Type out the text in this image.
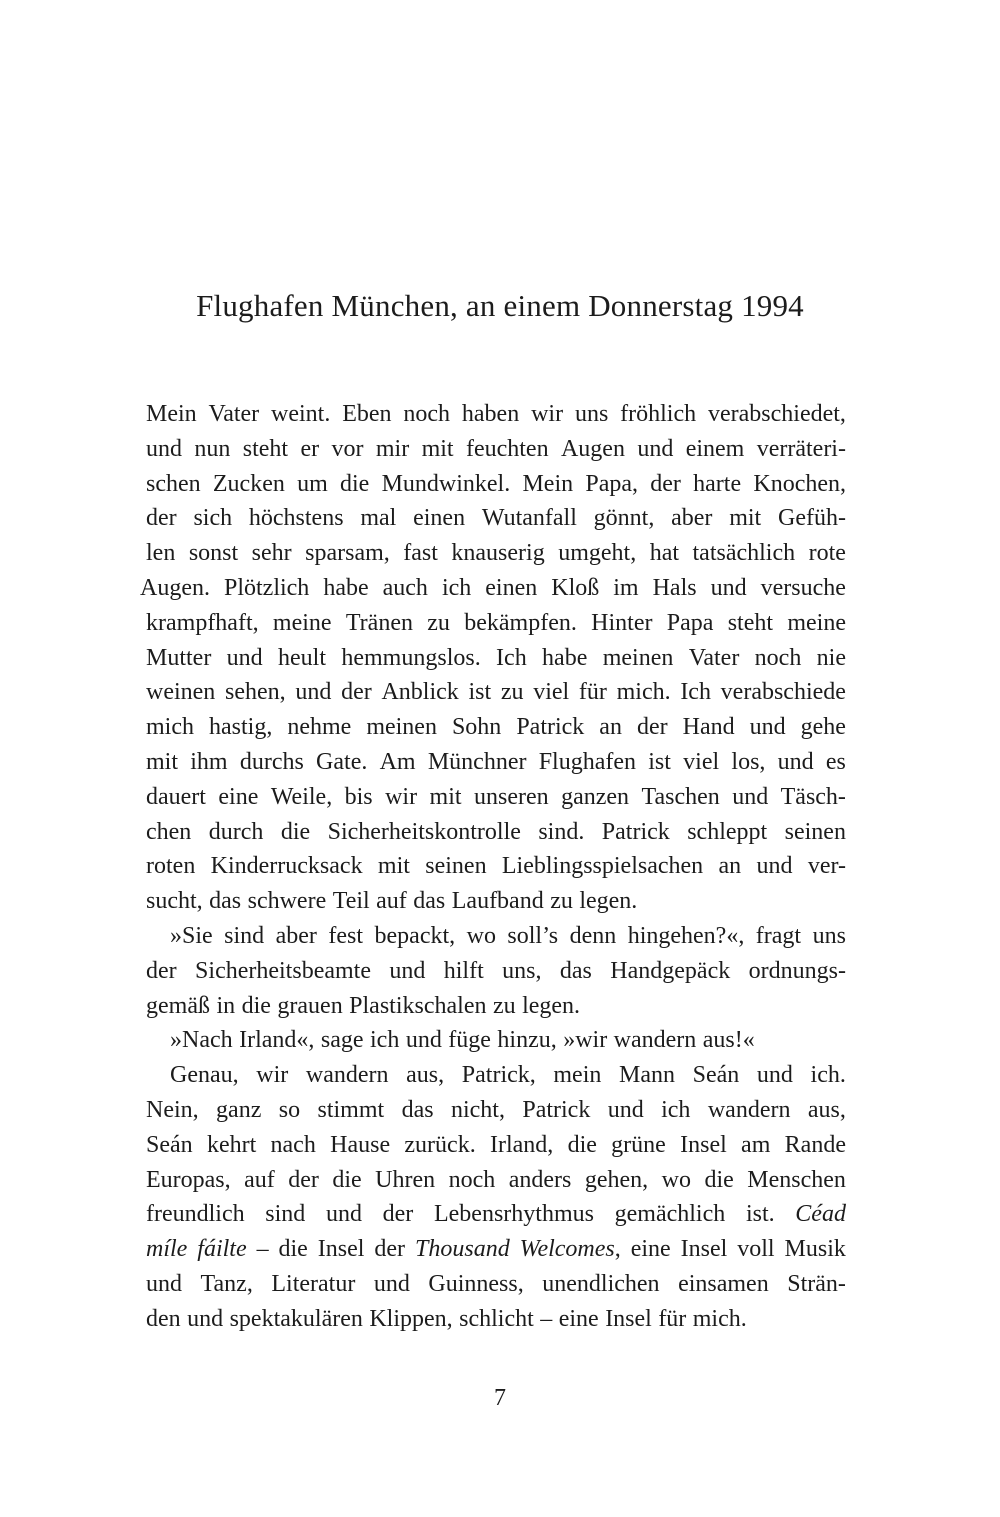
Flughafen München, an einem Donnerstag 1994
Mein Vater weint. Eben noch haben wir uns fröhlich verabschiedet,
und nun steht er vor mir mit feuchten Augen und einem verräteri-
schen Zucken um die Mundwinkel. Mein Papa, der harte Knochen,
der sich höchstens mal einen Wutanfall gönnt, aber mit Gefüh-
len sonst sehr sparsam, fast knauserig umgeht, hat tatsächlich rote
Augen. Plötzlich habe auch ich einen Kloß im Hals und versuche
krampfhaft, meine Tränen zu bekämpfen. Hinter Papa steht meine
Mutter und heult hemmungslos. Ich habe meinen Vater noch nie
weinen sehen, und der Anblick ist zu viel für mich. Ich verabschiede
mich hastig, nehme meinen Sohn Patrick an der Hand und gehe
mit ihm durchs Gate. Am Münchner Flughafen ist viel los, und es
dauert eine Weile, bis wir mit unseren ganzen Taschen und Täsch-
chen durch die Sicherheitskontrolle sind. Patrick schleppt seinen
roten Kinderrucksack mit seinen Lieblingsspielsachen an und ver-
sucht, das schwere Teil auf das Laufband zu legen.
»Sie sind aber fest bepackt, wo soll’s denn hingehen?«, fragt uns
der Sicherheitsbeamte und hilft uns, das Handgepäck ordnungs-
gemäß in die grauen Plastikschalen zu legen.
»Nach Irland«, sage ich und füge hinzu, »wir wandern aus!«
Genau, wir wandern aus, Patrick, mein Mann Seán und ich.
Nein, ganz so stimmt das nicht, Patrick und ich wandern aus,
Seán kehrt nach Hause zurück. Irland, die grüne Insel am Rande
Europas, auf der die Uhren noch anders gehen, wo die Menschen
freundlich sind und der Lebensrhythmus gemächlich ist. Céad
míle fáilte – die Insel der Thousand Welcomes, eine Insel voll Musik
und Tanz, Literatur und Guinness, unendlichen einsamen Strän-
den und spektakulären Klippen, schlicht – eine Insel für mich.
7
